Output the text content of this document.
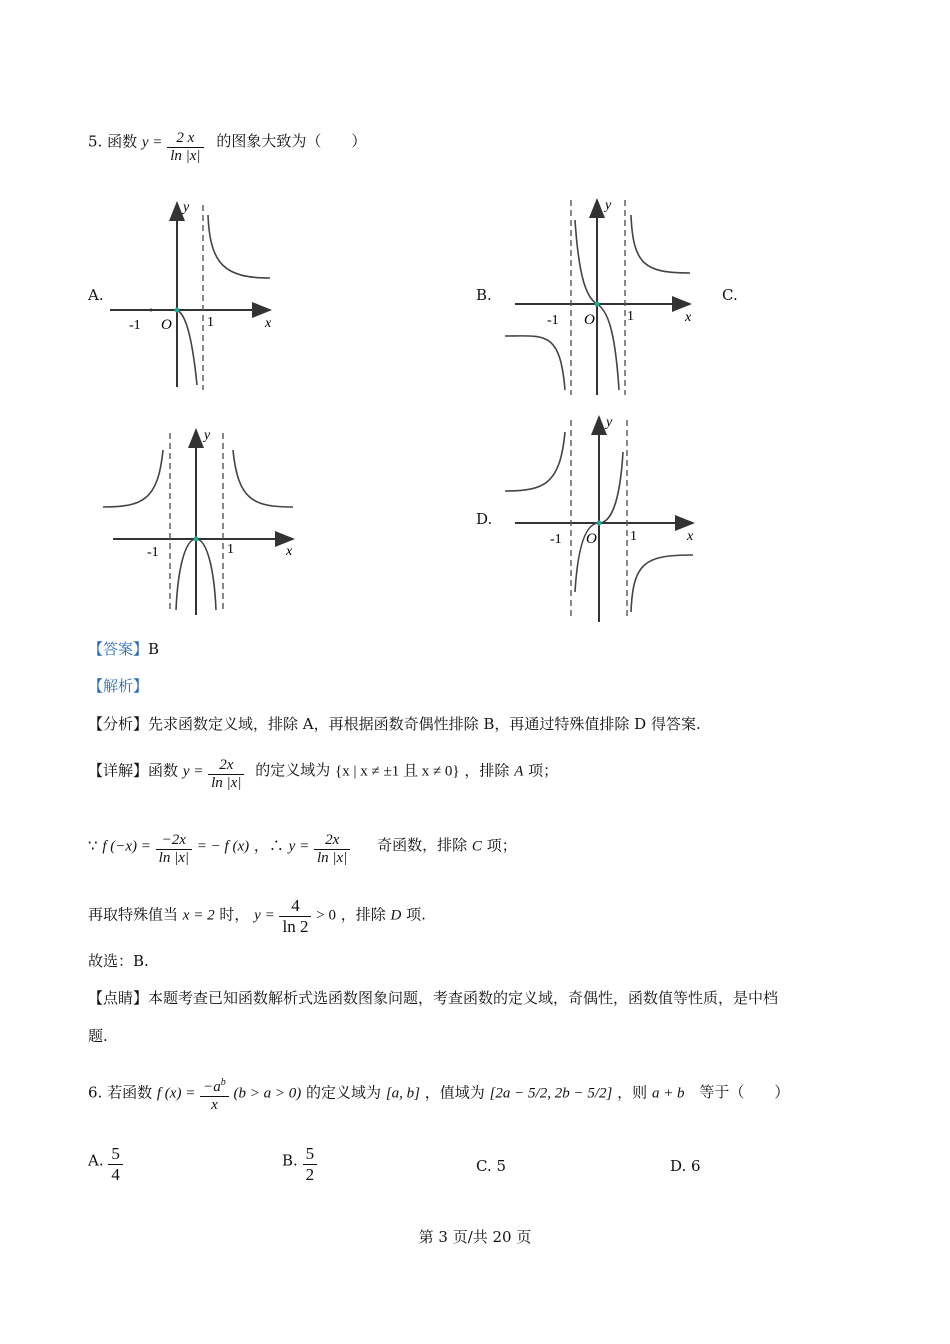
5. 函数 $y = \frac{2 x}{\ln |x|}$ 的图象大致为（　　）
A.	B.	C.
D.
y
x
O
-1	1
y
x
O
-1	1
y
x
-1	1
y
x
O
-1	1
【答案】B
【解析】
【分析】先求函数定义域，排除 A，再根据函数奇偶性排除 B，再通过特殊值排除 D 得答案.
【详解】函数 $y = \frac{2x}{\ln |x|}$ 的定义域为 {x | x ≠ ±1 且 x ≠ 0} ，排除 A 项；
∵ f $(-x) = \frac{-2x}{\ln |x|}$ = − f (x) ，∴ $y = \frac{2x}{\ln |x|}$ 奇函数，排除 C 项；
再取特殊值当 x = 2 时， $y = \frac{4}{\ln 2} > 0$ ，排除 D 项.
故选：B.
【点睛】本题考查已知函数解析式选函数图象问题，考查函数的定义域，奇偶性，函数值等性质，是中档
题.
6. 若函数 f $(x) = \frac{-a^b}{x} (b > a > 0)$ 的定义域为 [a, b] ，值域为 [2a − 5/2, 2b − 5/2] ，则 a + b 等于（　　）
A. $\frac{5}{4}$	B. $\frac{5}{2}$	C. 5	D. 6
第 3 页/共 20 页
